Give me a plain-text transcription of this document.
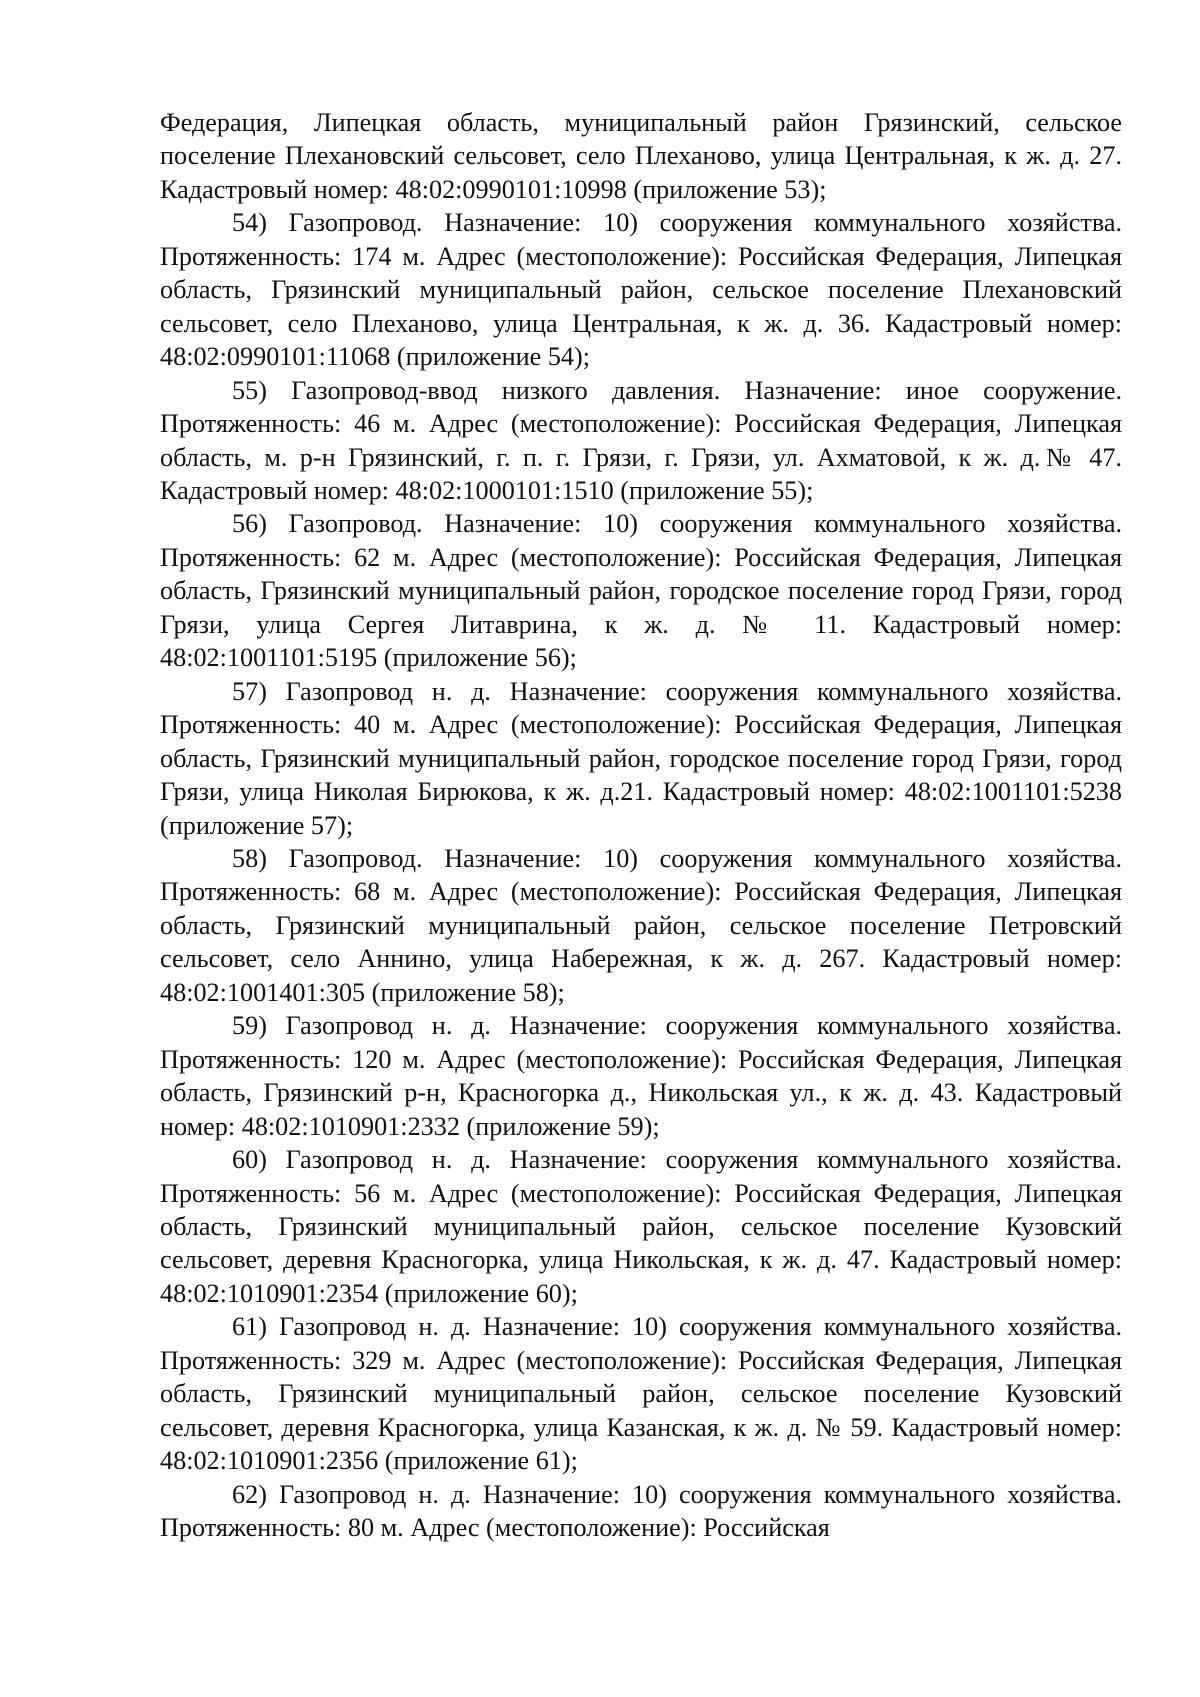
Федерация, Липецкая область, муниципальный район Грязинский, сельское поселение Плехановский сельсовет, село Плеханово, улица Центральная, к ж. д. 27. Кадастровый номер: 48:02:0990101:10998 (приложение 53);

54) Газопровод. Назначение: 10) сооружения коммунального хозяйства. Протяженность: 174 м. Адрес (местоположение): Российская Федерация, Липецкая область, Грязинский муниципальный район, сельское поселение Плехановский сельсовет, село Плеханово, улица Центральная, к ж. д. 36. Кадастровый номер: 48:02:0990101:11068 (приложение 54);

55) Газопровод-ввод низкого давления. Назначение: иное сооружение. Протяженность: 46 м. Адрес (местоположение): Российская Федерация, Липецкая область, м. р-н Грязинский, г. п. г. Грязи, г. Грязи, ул. Ахматовой, к ж. д.№ 47. Кадастровый номер: 48:02:1000101:1510 (приложение 55);

56) Газопровод. Назначение: 10) сооружения коммунального хозяйства. Протяженность: 62 м. Адрес (местоположение): Российская Федерация, Липецкая область, Грязинский муниципальный район, городское поселение город Грязи, город Грязи, улица Сергея Литаврина, к ж. д. № 11. Кадастровый номер: 48:02:1001101:5195 (приложение 56);

57) Газопровод н. д. Назначение: сооружения коммунального хозяйства. Протяженность: 40 м. Адрес (местоположение): Российская Федерация, Липецкая область, Грязинский муниципальный район, городское поселение город Грязи, город Грязи, улица Николая Бирюкова, к ж. д.21. Кадастровый номер: 48:02:1001101:5238 (приложение 57);

58) Газопровод. Назначение: 10) сооружения коммунального хозяйства. Протяженность: 68 м. Адрес (местоположение): Российская Федерация, Липецкая область, Грязинский муниципальный район, сельское поселение Петровский сельсовет, село Аннино, улица Набережная, к ж. д. 267. Кадастровый номер: 48:02:1001401:305 (приложение 58);

59) Газопровод н. д. Назначение: сооружения коммунального хозяйства. Протяженность: 120 м. Адрес (местоположение): Российская Федерация, Липецкая область, Грязинский р-н, Красногорка д., Никольская ул., к ж. д. 43. Кадастровый номер: 48:02:1010901:2332 (приложение 59);

60) Газопровод н. д. Назначение: сооружения коммунального хозяйства. Протяженность: 56 м. Адрес (местоположение): Российская Федерация, Липецкая область, Грязинский муниципальный район, сельское поселение Кузовский сельсовет, деревня Красногорка, улица Никольская, к ж. д. 47. Кадастровый номер: 48:02:1010901:2354 (приложение 60);

61) Газопровод н. д. Назначение: 10) сооружения коммунального хозяйства. Протяженность: 329 м. Адрес (местоположение): Российская Федерация, Липецкая область, Грязинский муниципальный район, сельское поселение Кузовский сельсовет, деревня Красногорка, улица Казанская, к ж. д. № 59. Кадастровый номер: 48:02:1010901:2356 (приложение 61);

62) Газопровод н. д. Назначение: 10) сооружения коммунального хозяйства. Протяженность: 80 м. Адрес (местоположение): Российская
